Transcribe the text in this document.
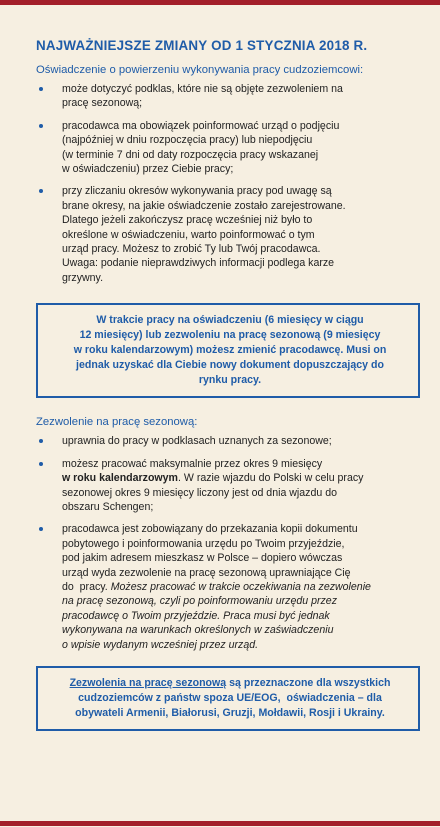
NAJWAŻNIEJSZE ZMIANY OD 1 STYCZNIA 2018 R.
Oświadczenie o powierzeniu wykonywania pracy cudzoziemcowi:
może dotyczyć podklas, które nie są objęte zezwoleniem na
pracę sezonową;
pracodawca ma obowiązek poinformować urząd o podjęciu
(najpóźniej w dniu rozpoczęcia pracy) lub niepodjęciu
(w terminie 7 dni od daty rozpoczęcia pracy wskazanej
w oświadczeniu) przez Ciebie pracy;
przy zliczaniu okresów wykonywania pracy pod uwagę są
brane okresy, na jakie oświadczenie zostało zarejestrowane.
Dlatego jeżeli zakończysz pracę wcześniej niż było to
określone w oświadczeniu, warto poinformować o tym
urząd pracy. Możesz to zrobić Ty lub Twój pracodawca.
Uwaga: podanie nieprawdziwych informacji podlega karze
grzywny.
W trakcie pracy na oświadczeniu (6 miesięcy w ciągu
12 miesięcy) lub zezwoleniu na pracę sezonową (9 miesięcy
w roku kalendarzowym) możesz zmienić pracodawcę. Musi on
jednak uzyskać dla Ciebie nowy dokument dopuszczający do
rynku pracy.
Zezwolenie na pracę sezonową:
uprawnia do pracy w podklasach uznanych za sezonowe;
możesz pracować maksymalnie przez okres 9 miesięcy
w roku kalendarzowym. W razie wjazdu do Polski w celu pracy
sezonowej okres 9 miesięcy liczony jest od dnia wjazdu do
obszaru Schengen;
pracodawca jest zobowiązany do przekazania kopii dokumentu
pobytowego i poinformowania urzędu po Twoim przyjeździe,
pod jakim adresem mieszkasz w Polsce – dopiero wówczas
urząd wyda zezwolenie na pracę sezonową uprawniające Cię
do  pracy. Możesz pracować w trakcie oczekiwania na zezwolenie
na pracę sezonową, czyli po poinformowaniu urzędu przez
pracodawcę o Twoim przyjeździe. Praca musi być jednak
wykonywana na warunkach określonych w zaświadczeniu
o wpisie wydanym wcześniej przez urząd.
Zezwolenia na pracę sezonową są przeznaczone dla wszystkich
cudzoziemców z państw spoza UE/EOG,  oświadczenia – dla
obywateli Armenii, Białorusi, Gruzji, Mołdawii, Rosji i Ukrainy.
